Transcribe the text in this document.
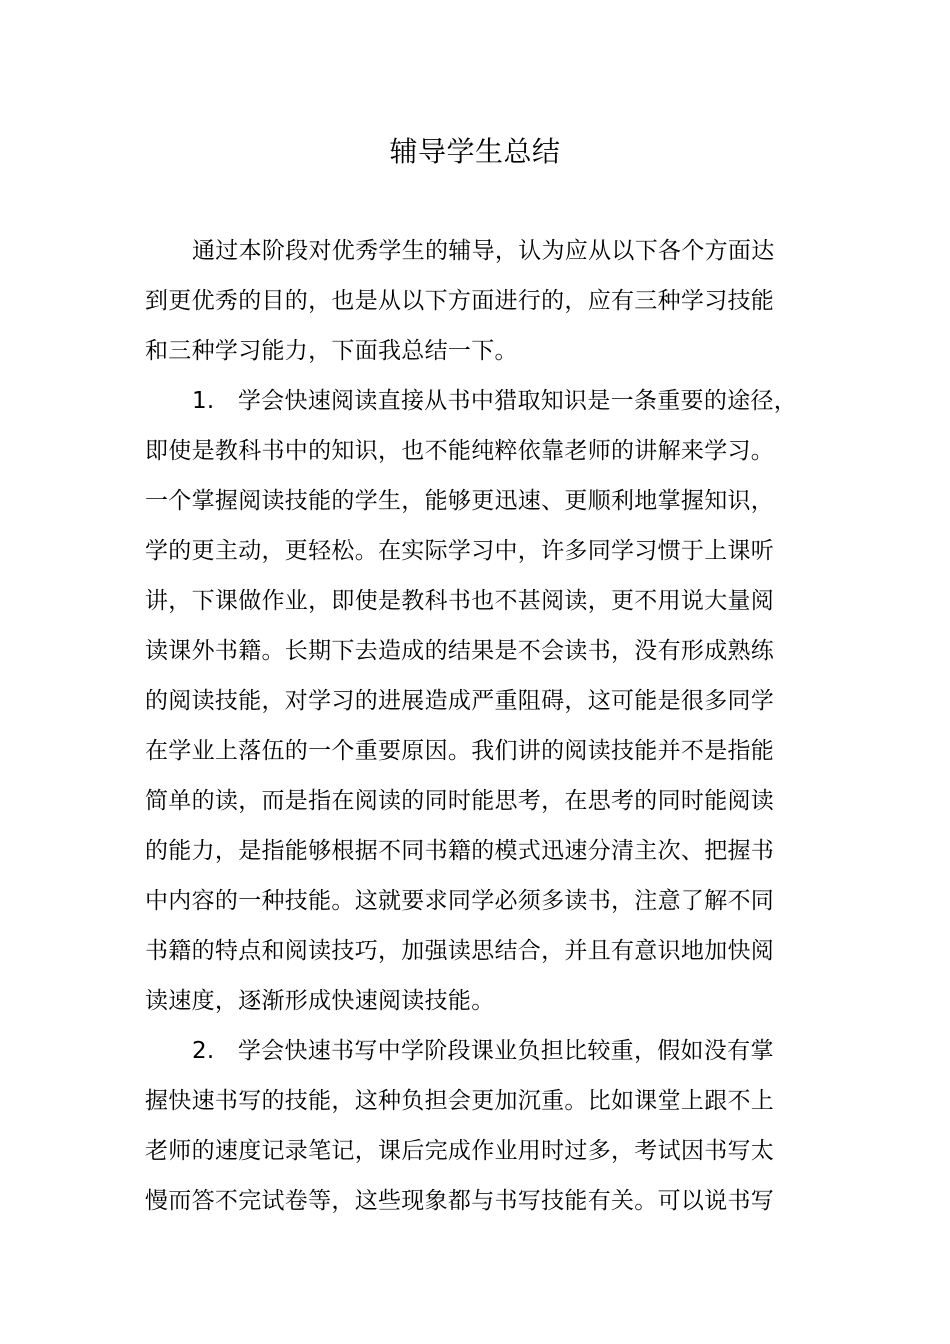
辅导学生总结
通过本阶段对优秀学生的辅导，认为应从以下各个方面达
到更优秀的目的，也是从以下方面进行的，应有三种学习技能
和三种学习能力，下面我总结一下。
1.　学会快速阅读直接从书中猎取知识是一条重要的途径，
即使是教科书中的知识，也不能纯粹依靠老师的讲解来学习。
一个掌握阅读技能的学生，能够更迅速、更顺利地掌握知识，
学的更主动，更轻松。在实际学习中，许多同学习惯于上课听
讲，下课做作业，即使是教科书也不甚阅读，更不用说大量阅
读课外书籍。长期下去造成的结果是不会读书，没有形成熟练
的阅读技能，对学习的进展造成严重阻碍，这可能是很多同学
在学业上落伍的一个重要原因。我们讲的阅读技能并不是指能
简单的读，而是指在阅读的同时能思考，在思考的同时能阅读
的能力，是指能够根据不同书籍的模式迅速分清主次、把握书
中内容的一种技能。这就要求同学必须多读书，注意了解不同
书籍的特点和阅读技巧，加强读思结合，并且有意识地加快阅
读速度，逐渐形成快速阅读技能。
2.　学会快速书写中学阶段课业负担比较重，假如没有掌
握快速书写的技能，这种负担会更加沉重。比如课堂上跟不上
老师的速度记录笔记，课后完成作业用时过多，考试因书写太
慢而答不完试卷等，这些现象都与书写技能有关。可以说书写
